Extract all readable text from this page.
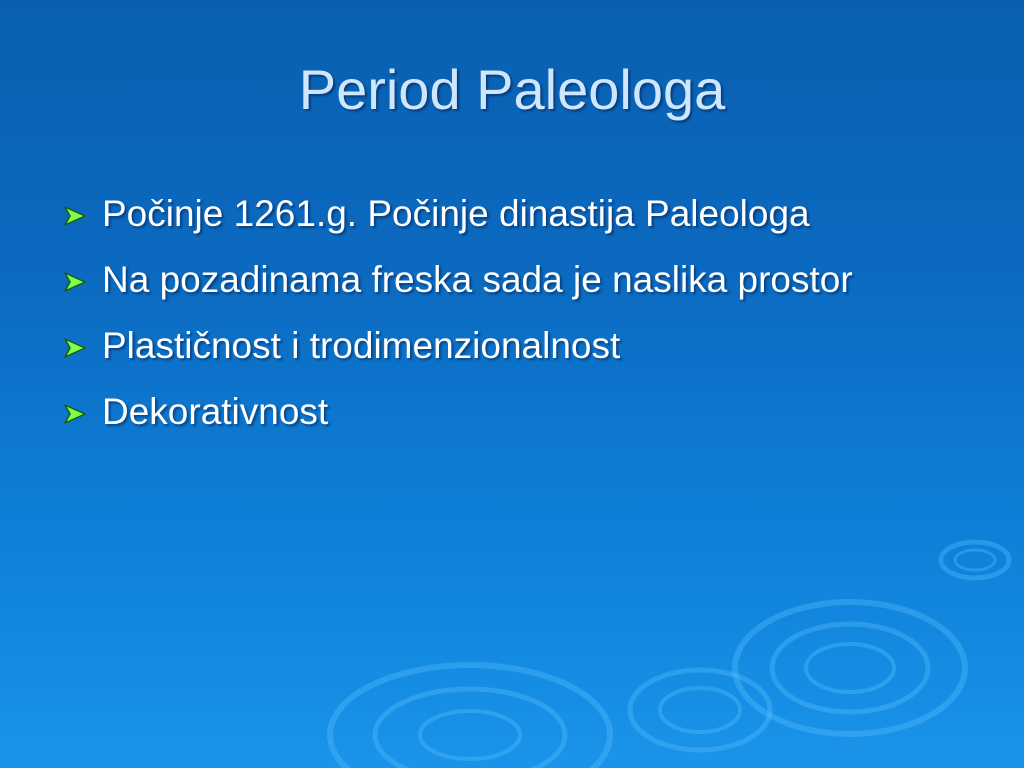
Period Paleologa
Počinje 1261.g. Počinje dinastija Paleologa
Na pozadinama freska sada je naslika prostor
Plastičnost i trodimenzionalnost
Dekorativnost
